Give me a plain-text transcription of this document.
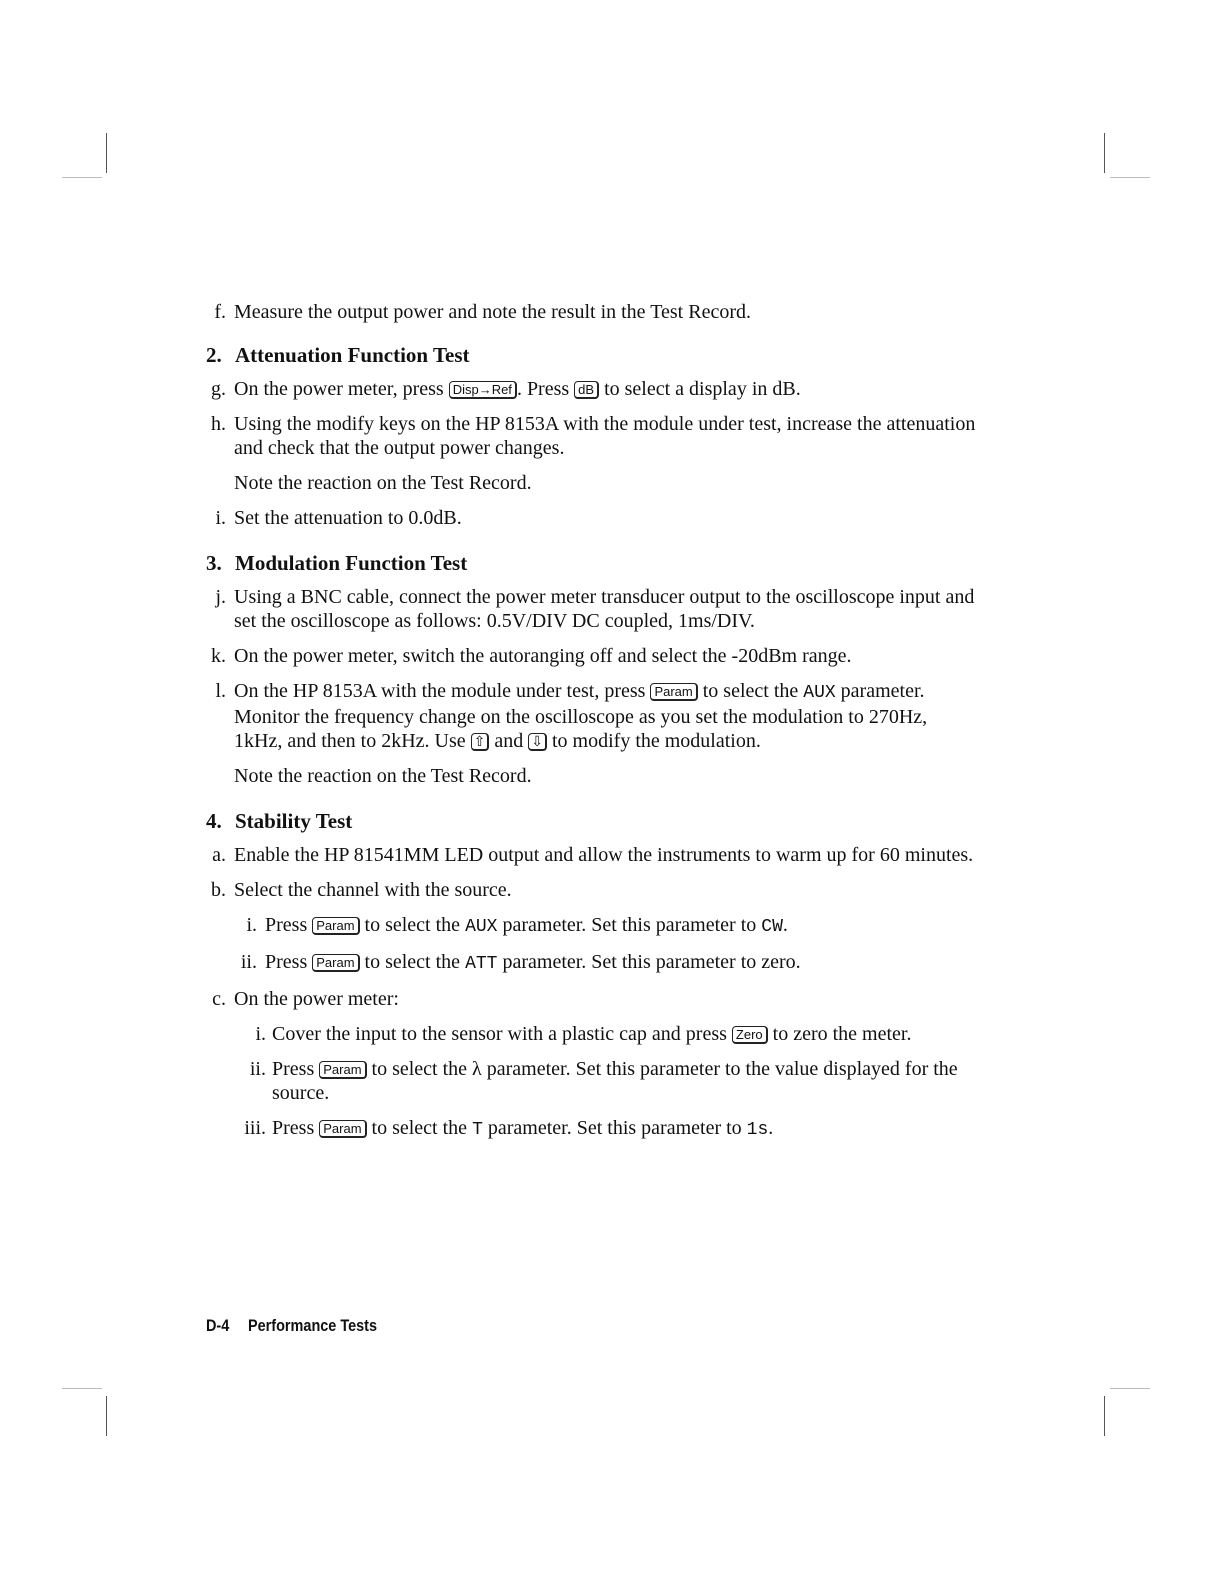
f. Measure the output power and note the result in the Test Record.
2. Attenuation Function Test
g. On the power meter, press Disp→Ref . Press dB to select a display in dB.
h. Using the modify keys on the HP 8153A with the module under test, increase the attenuation and check that the output power changes.
Note the reaction on the Test Record.
i. Set the attenuation to 0.0dB.
3. Modulation Function Test
j. Using a BNC cable, connect the power meter transducer output to the oscilloscope input and set the oscilloscope as follows: 0.5V/DIV DC coupled, 1ms/DIV.
k. On the power meter, switch the autoranging off and select the -20dBm range.
l. On the HP 8153A with the module under test, press Param to select the AUX parameter. Monitor the frequency change on the oscilloscope as you set the modulation to 270Hz, 1kHz, and then to 2kHz. Use ⇧ and ⇩ to modify the modulation.
Note the reaction on the Test Record.
4. Stability Test
a. Enable the HP 81541MM LED output and allow the instruments to warm up for 60 minutes.
b. Select the channel with the source.
i. Press Param to select the AUX parameter. Set this parameter to CW.
ii. Press Param to select the ATT parameter. Set this parameter to zero.
c. On the power meter:
i. Cover the input to the sensor with a plastic cap and press Zero to zero the meter.
ii. Press Param to select the λ parameter. Set this parameter to the value displayed for the source.
iii. Press Param to select the T parameter. Set this parameter to 1s.
D-4 Performance Tests
